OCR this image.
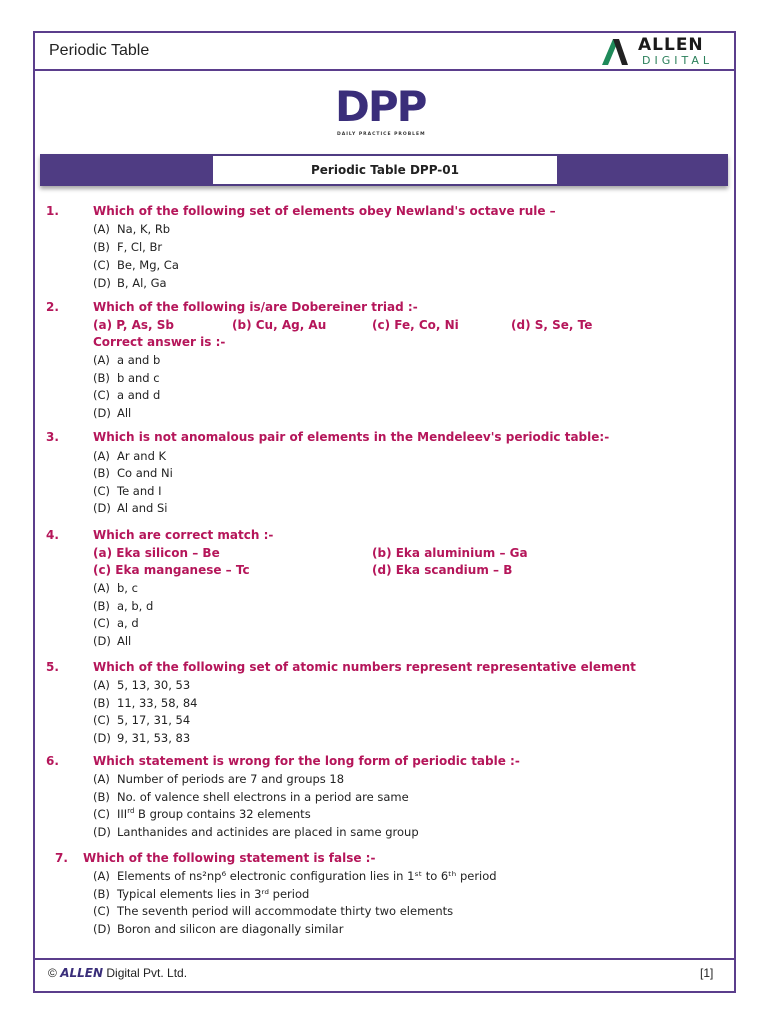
Periodic Table	ALLEN
DIGITAL
DPP
DAILY PRACTICE PROBLEM
Periodic Table DPP-01
1.	Which of the following set of elements obey Newland's octave rule –
(A) Na, K, Rb
(B) F, Cl, Br
(C) Be, Mg, Ca
(D) B, Al, Ga
2.	Which of the following is/are Dobereiner triad :-
(a) P, As, Sb	(b) Cu, Ag, Au	(c) Fe, Co, Ni	(d) S, Se, Te
Correct answer is :-
(A) a and b
(B) b and c
(C) a and d
(D) All
3.	Which is not anomalous pair of elements in the Mendeleev's periodic table:-
(A) Ar and K
(B) Co and Ni
(C) Te and I
(D) Al and Si
4.	Which are correct match :-
(a) Eka silicon – Be	(b) Eka aluminium – Ga
(c) Eka manganese – Tc	(d) Eka scandium – B
(A) b, c
(B) a, b, d
(C) a, d
(D) All
5.	Which of the following set of atomic numbers represent representative element
(A) 5, 13, 30, 53
(B) 11, 33, 58, 84
(C) 5, 17, 31, 54
(D) 9, 31, 53, 83
6.	Which statement is wrong for the long form of periodic table :-
(A) Number of periods are 7 and groups 18
(B) No. of valence shell electrons in a period are same
(C) IIIrd B group contains 32 elements
(D) Lanthanides and actinides are placed in same group
7. Which of the following statement is false :-
(A) Elements of ns²np⁶ electronic configuration lies in 1ˢᵗ to 6ᵗʰ period
(B) Typical elements lies in 3ʳᵈ period
(C) The seventh period will accommodate thirty two elements
(D) Boron and silicon are diagonally similar
© ALLEN Digital Pvt. Ltd.	[1]
